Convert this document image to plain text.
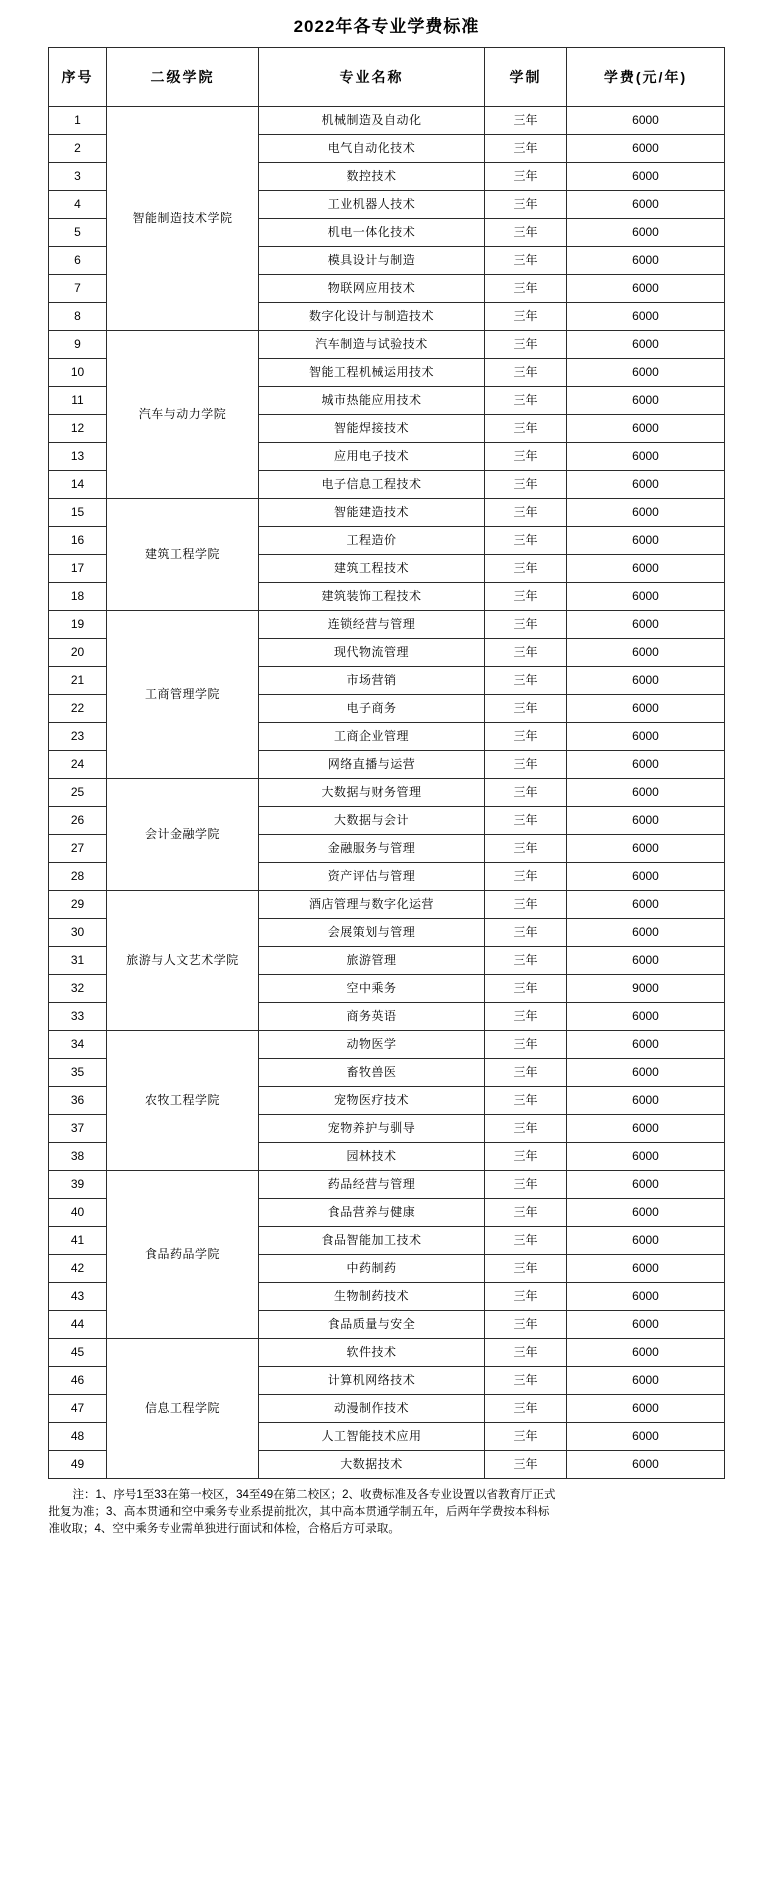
2022年各专业学费标准
序号	二级学院	专业名称	学制	学费(元/年)
1	智能制造技术学院	机械制造及自动化	三年	6000
2		电气自动化技术	三年	6000
3		数控技术	三年	6000
4		工业机器人技术	三年	6000
5		机电一体化技术	三年	6000
6		模具设计与制造	三年	6000
7		物联网应用技术	三年	6000
8		数字化设计与制造技术	三年	6000
9	汽车与动力学院	汽车制造与试验技术	三年	6000
10		智能工程机械运用技术	三年	6000
11		城市热能应用技术	三年	6000
12		智能焊接技术	三年	6000
13		应用电子技术	三年	6000
14		电子信息工程技术	三年	6000
15	建筑工程学院	智能建造技术	三年	6000
16		工程造价	三年	6000
17		建筑工程技术	三年	6000
18		建筑装饰工程技术	三年	6000
19	工商管理学院	连锁经营与管理	三年	6000
20		现代物流管理	三年	6000
21		市场营销	三年	6000
22		电子商务	三年	6000
23		工商企业管理	三年	6000
24		网络直播与运营	三年	6000
25	会计金融学院	大数据与财务管理	三年	6000
26		大数据与会计	三年	6000
27		金融服务与管理	三年	6000
28		资产评估与管理	三年	6000
29	旅游与人文艺术学院	酒店管理与数字化运营	三年	6000
30		会展策划与管理	三年	6000
31		旅游管理	三年	6000
32		空中乘务	三年	9000
33		商务英语	三年	6000
34	农牧工程学院	动物医学	三年	6000
35		畜牧兽医	三年	6000
36		宠物医疗技术	三年	6000
37		宠物养护与驯导	三年	6000
38		园林技术	三年	6000
39	食品药品学院	药品经营与管理	三年	6000
40		食品营养与健康	三年	6000
41		食品智能加工技术	三年	6000
42		中药制药	三年	6000
43		生物制药技术	三年	6000
44		食品质量与安全	三年	6000
45	信息工程学院	软件技术	三年	6000
46		计算机网络技术	三年	6000
47		动漫制作技术	三年	6000
48		人工智能技术应用	三年	6000
49		大数据技术	三年	6000
注：1、序号1至33在第一校区，34至49在第二校区；2、收费标准及各专业设置以省教育厅正式
批复为准；3、高本贯通和空中乘务专业系提前批次，其中高本贯通学制五年，后两年学费按本科标
准收取；4、空中乘务专业需单独进行面试和体检，合格后方可录取。
